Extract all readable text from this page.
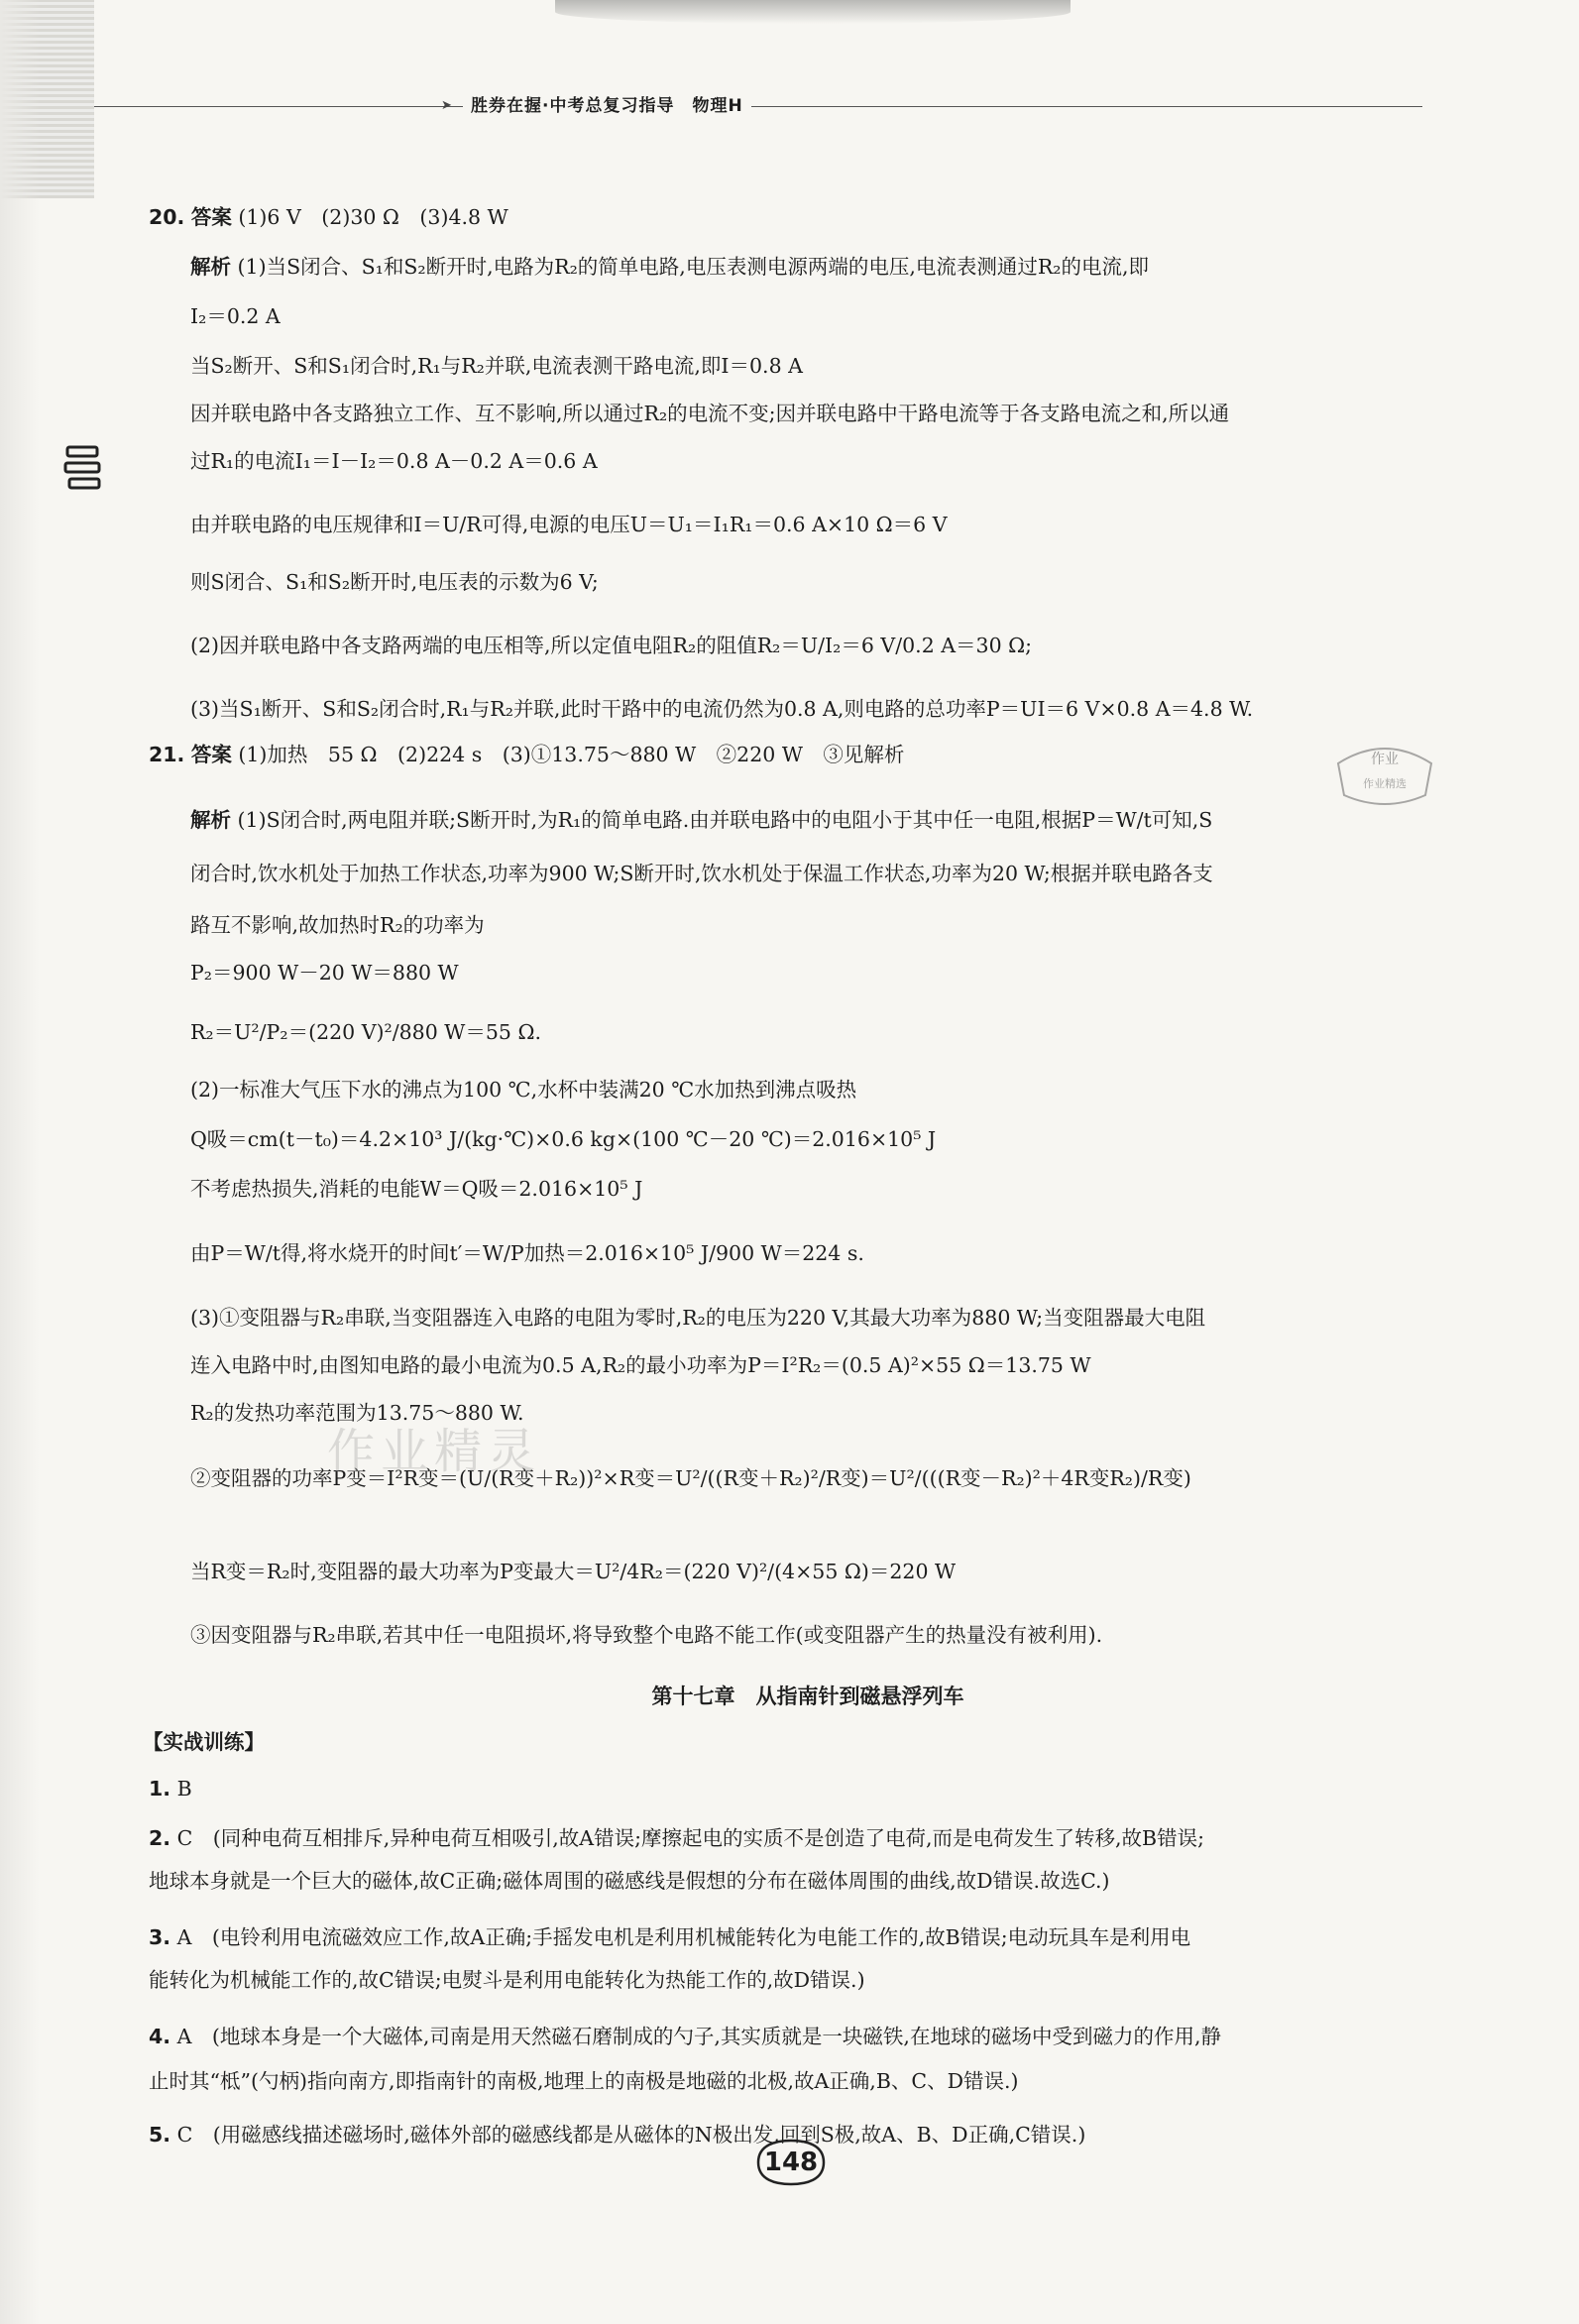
➤	胜券在握·中考总复习指导　物理H
20. 答案 (1)6 V　(2)30 Ω　(3)4.8 W
解析 (1)当S闭合、S₁和S₂断开时,电路为R₂的简单电路,电压表测电源两端的电压,电流表测通过R₂的电流,即
I₂＝0.2 A
当S₂断开、S和S₁闭合时,R₁与R₂并联,电流表测干路电流,即I＝0.8 A
因并联电路中各支路独立工作、互不影响,所以通过R₂的电流不变;因并联电路中干路电流等于各支路电流之和,所以通
过R₁的电流I₁＝I－I₂＝0.8 A－0.2 A＝0.6 A
由并联电路的电压规律和I＝U/R可得,电源的电压U＝U₁＝I₁R₁＝0.6 A×10 Ω＝6 V
则S闭合、S₁和S₂断开时,电压表的示数为6 V;
(2)因并联电路中各支路两端的电压相等,所以定值电阻R₂的阻值R₂＝U/I₂＝6 V/0.2 A＝30 Ω;
(3)当S₁断开、S和S₂闭合时,R₁与R₂并联,此时干路中的电流仍然为0.8 A,则电路的总功率P＝UI＝6 V×0.8 A＝4.8 W.
21. 答案 (1)加热　55 Ω　(2)224 s　(3)①13.75～880 W　②220 W　③见解析
解析 (1)S闭合时,两电阻并联;S断开时,为R₁的简单电路.由并联电路中的电阻小于其中任一电阻,根据P＝W/t可知,S
闭合时,饮水机处于加热工作状态,功率为900 W;S断开时,饮水机处于保温工作状态,功率为20 W;根据并联电路各支
路互不影响,故加热时R₂的功率为
P₂＝900 W－20 W＝880 W
R₂＝U²/P₂＝(220 V)²/880 W＝55 Ω.
(2)一标准大气压下水的沸点为100 ℃,水杯中装满20 ℃水加热到沸点吸热
Q吸＝cm(t－t₀)＝4.2×10³ J/(kg·℃)×0.6 kg×(100 ℃－20 ℃)＝2.016×10⁵ J
不考虑热损失,消耗的电能W＝Q吸＝2.016×10⁵ J
由P＝W/t得,将水烧开的时间t′＝W/P加热＝2.016×10⁵ J/900 W＝224 s.
(3)①变阻器与R₂串联,当变阻器连入电路的电阻为零时,R₂的电压为220 V,其最大功率为880 W;当变阻器最大电阻
连入电路中时,由图知电路的最小电流为0.5 A,R₂的最小功率为P＝I²R₂＝(0.5 A)²×55 Ω＝13.75 W
R₂的发热功率范围为13.75～880 W.
②变阻器的功率P变＝I²R变＝(U/(R变＋R₂))²×R变＝U²/((R变＋R₂)²/R变)＝U²/(((R变－R₂)²＋4R变R₂)/R变)
当R变＝R₂时,变阻器的最大功率为P变最大＝U²/4R₂＝(220 V)²/(4×55 Ω)＝220 W
③因变阻器与R₂串联,若其中任一电阻损坏,将导致整个电路不能工作(或变阻器产生的热量没有被利用).
第十七章　从指南针到磁悬浮列车
【实战训练】
1. B
2. C　(同种电荷互相排斥,异种电荷互相吸引,故A错误;摩擦起电的实质不是创造了电荷,而是电荷发生了转移,故B错误;
地球本身就是一个巨大的磁体,故C正确;磁体周围的磁感线是假想的分布在磁体周围的曲线,故D错误.故选C.)
3. A　(电铃利用电流磁效应工作,故A正确;手摇发电机是利用机械能转化为电能工作的,故B错误;电动玩具车是利用电
能转化为机械能工作的,故C错误;电熨斗是利用电能转化为热能工作的,故D错误.)
4. A　(地球本身是一个大磁体,司南是用天然磁石磨制成的勺子,其实质就是一块磁铁,在地球的磁场中受到磁力的作用,静
止时其“柢”(勺柄)指向南方,即指南针的南极,地理上的南极是地磁的北极,故A正确,B、C、D错误.)
5. C　(用磁感线描述磁场时,磁体外部的磁感线都是从磁体的N极出发,回到S极,故A、B、D正确,C错误.)
作业精灵
作业
作业精选
148
